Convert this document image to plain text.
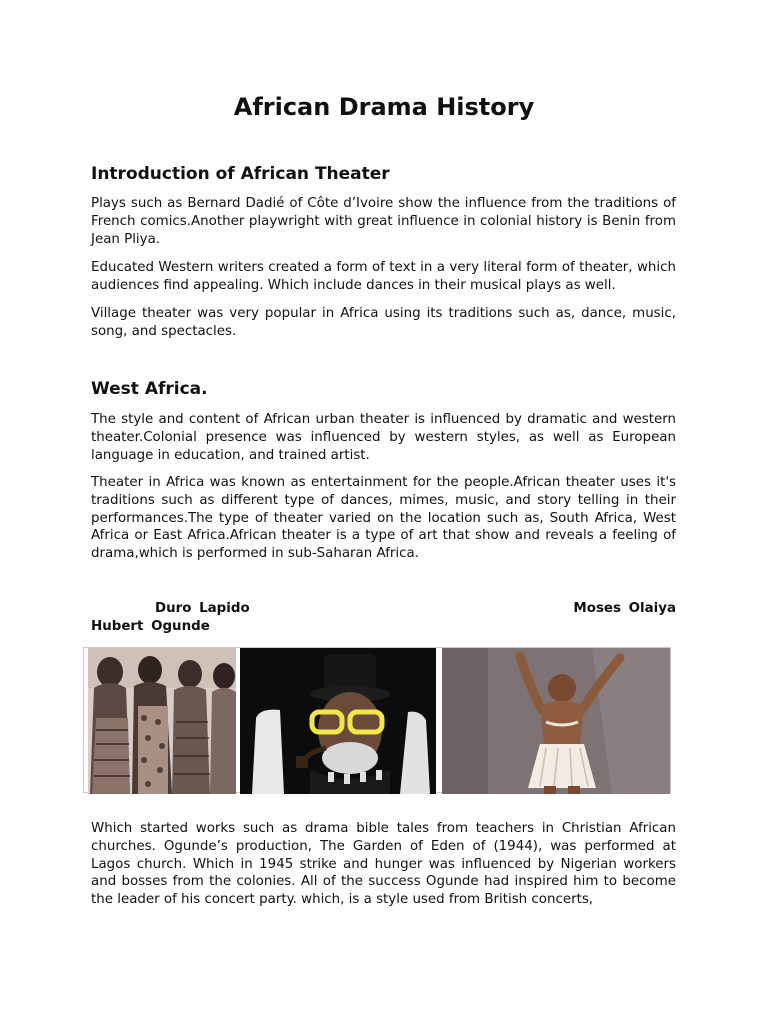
African Drama History
Introduction of African Theater

Plays such as Bernard Dadié of Côte d’Ivoire show the influence from the traditions of French comics.Another playwright with great influence in colonial history is Benin from Jean Pliya.

Educated Western writers created a form of text in a very literal form of theater, which audiences find appealing. Which include dances in their musical plays as well.

Village theater was very popular in Africa using its traditions such as, dance, music, song, and spectacles.

West Africa.

The style and content of African urban theater is influenced by dramatic and western theater.Colonial presence was influenced by western styles, as well as European language in education, and trained artist.

Theater in Africa was known as entertainment for the people.African theater uses it's traditions such as different type of dances, mimes, music, and story telling in their performances.The type of theater varied on the location such as, South Africa, West Africa or East Africa.African theater is a type of art that show and reveals a feeling of drama,which is performed in sub-Saharan Africa.

Duro Lapido	Moses Olaiya
Hubert Ogunde

Which started works such as drama bible tales from teachers in Christian African churches. Ogunde’s production, The Garden of Eden of (1944), was performed at Lagos church. Which in 1945 strike and hunger was influenced by Nigerian workers and bosses from the colonies. All of the success Ogunde had inspired him to become the leader of his concert party. which, is a style used from British concerts,
